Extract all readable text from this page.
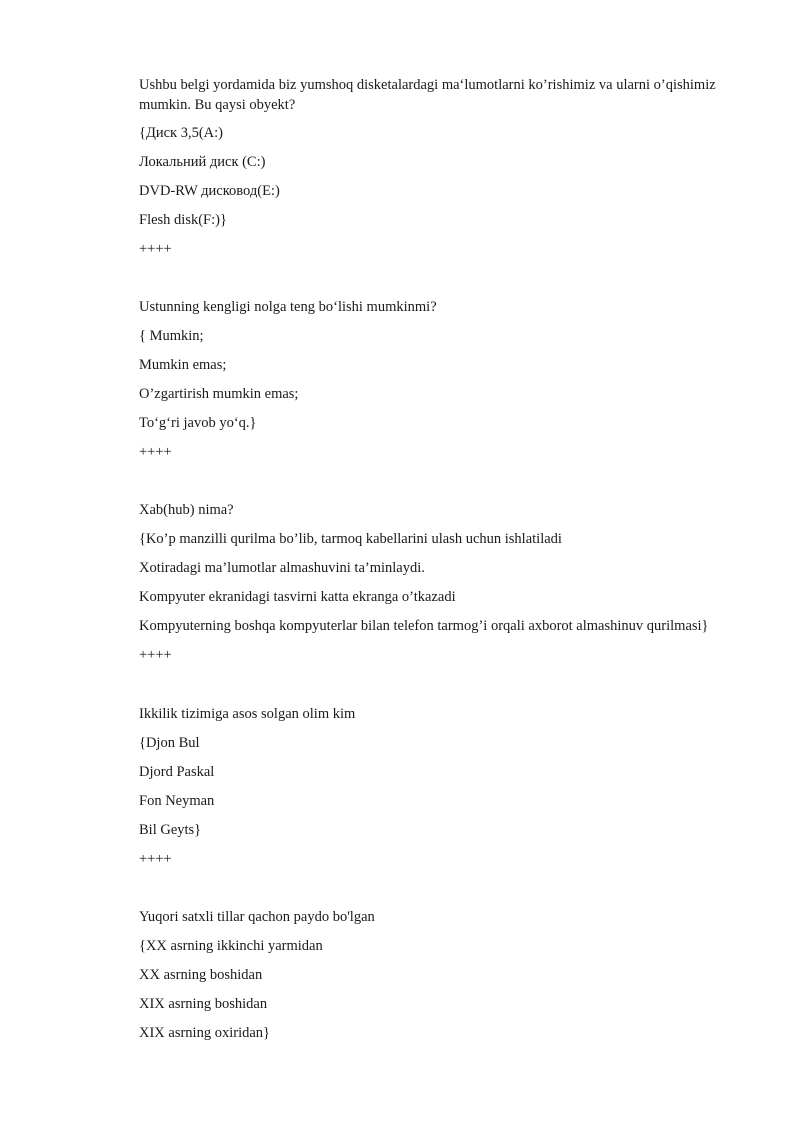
Ushbu belgi yordamida biz yumshoq disketalardagi ma‘lumotlarni ko’rishimiz va ularni o’qishimiz mumkin. Bu qaysi obyekt?
{Диск 3,5(A:)
Локальний диск (C:)
DVD-RW дисковод(E:)
Flesh disk(F:)}
++++
Ustunning kengligi nolga teng bo‘lishi mumkinmi?
{ Mumkin;
Mumkin emas;
O’zgartirish mumkin emas;
To‘g‘ri javob yo‘q.}
++++
Xab(hub) nima?
{Ko’p manzilli qurilma bo’lib, tarmoq kabellarini ulash uchun ishlatiladi
Xotiradagi ma’lumotlar almashuvini ta’minlaydi.
Kompyuter ekranidagi tasvirni katta ekranga o’tkazadi
Kompyuterning boshqa kompyuterlar bilan telefon tarmog’i orqali axborot almashinuv qurilmasi}
++++
Ikkilik tizimiga asos solgan olim kim
{Djon Bul
Djord Paskal
Fon Neyman
Bil Geyts}
++++
Yuqori satxli tillar qachon paydo bo'lgan
{XX asrning ikkinchi yarmidan
XX asrning boshidan
XIX asrning boshidan
XIX asrning oxiridan}
